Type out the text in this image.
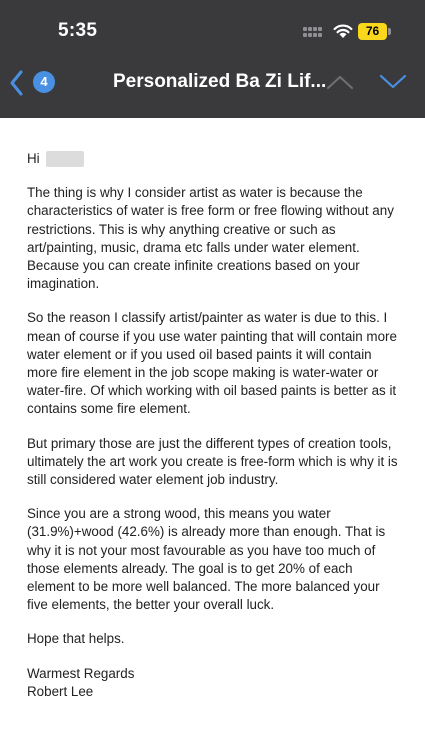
5:35	76
4	Personalized Ba Zi Lif...
Hi

The thing is why I consider artist as water is because the characteristics of water is free form or free flowing without any restrictions. This is why anything creative or such as art/painting, music, drama etc falls under water element. Because you can create infinite creations based on your imagination.

So the reason I classify artist/painter as water is due to this. I mean of course if you use water painting that will contain more water element or if you used oil based paints it will contain more fire element in the job scope making is water-water or water-fire. Of which working with oil based paints is better as it contains some fire element.

But primary those are just the different types of creation tools, ultimately the art work you create is free-form which is why it is still considered water element job industry.

Since you are a strong wood, this means you water (31.9%)+wood (42.6%) is already more than enough. That is why it is not your most favourable as you have too much of those elements already. The goal is to get 20% of each element to be more well balanced. The more balanced your five elements, the better your overall luck.

Hope that helps.

Warmest Regards
Robert Lee
